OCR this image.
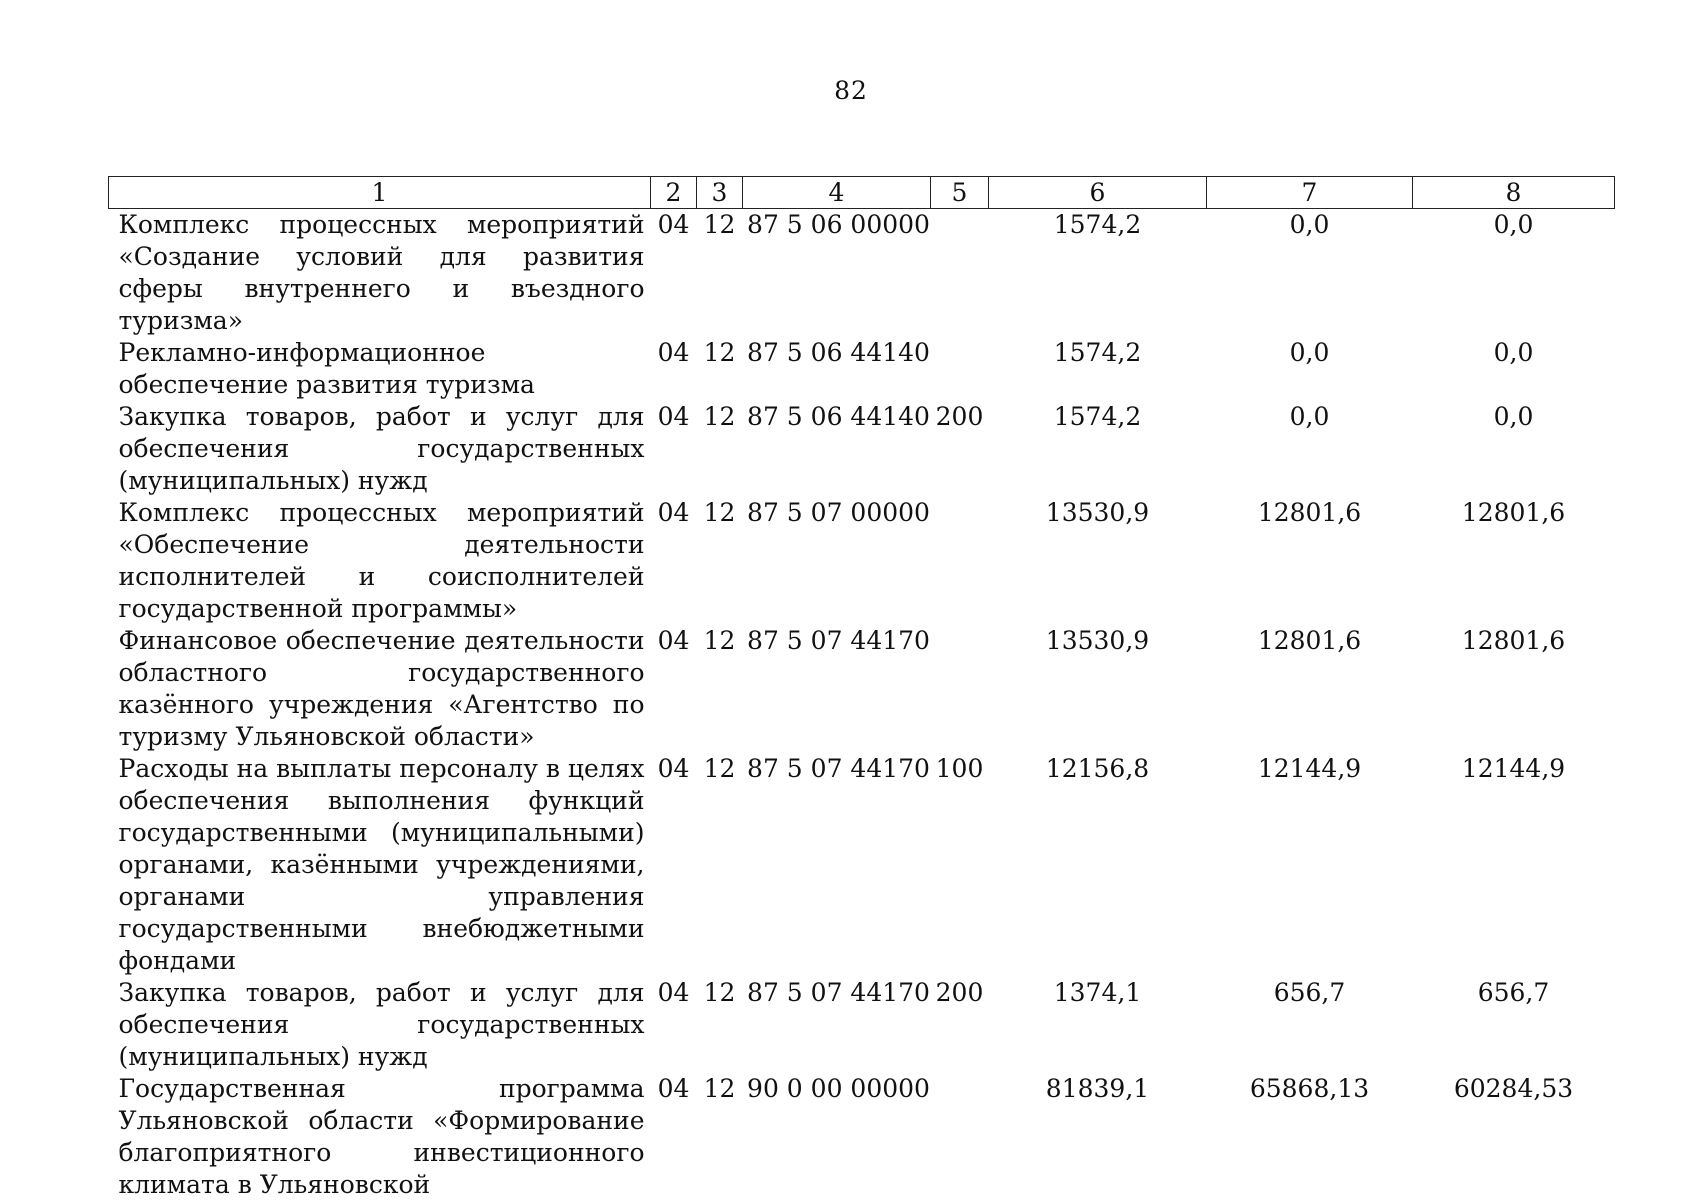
82
1	2	3	4	5	6	7	8
Комплекс процессных мероприятий «Создание условий для развития сферы внутреннего и въездного туризма»	04	12	87 5 06 00000		1574,2	0,0	0,0
Рекламно-информационное обеспечение развития туризма	04	12	87 5 06 44140		1574,2	0,0	0,0
Закупка товаров, работ и услуг для обеспечения государственных (муниципальных) нужд	04	12	87 5 06 44140	200	1574,2	0,0	0,0
Комплекс процессных мероприятий «Обеспечение деятельности исполнителей и соисполнителей государственной программы»	04	12	87 5 07 00000		13530,9	12801,6	12801,6
Финансовое обеспечение деятельности областного государственного казённого учреждения «Агентство по туризму Ульяновской области»	04	12	87 5 07 44170		13530,9	12801,6	12801,6
Расходы на выплаты персоналу в целях обеспечения выполнения функций государственными (муниципальными) органами, казёнными учреждениями, органами управления государственными внебюджетными фондами	04	12	87 5 07 44170	100	12156,8	12144,9	12144,9
Закупка товаров, работ и услуг для обеспечения государственных (муниципальных) нужд	04	12	87 5 07 44170	200	1374,1	656,7	656,7
Государственная программа Ульяновской области «Формирование благоприятного инвестиционного климата в Ульяновской	04	12	90 0 00 00000		81839,1	65868,13	60284,53
